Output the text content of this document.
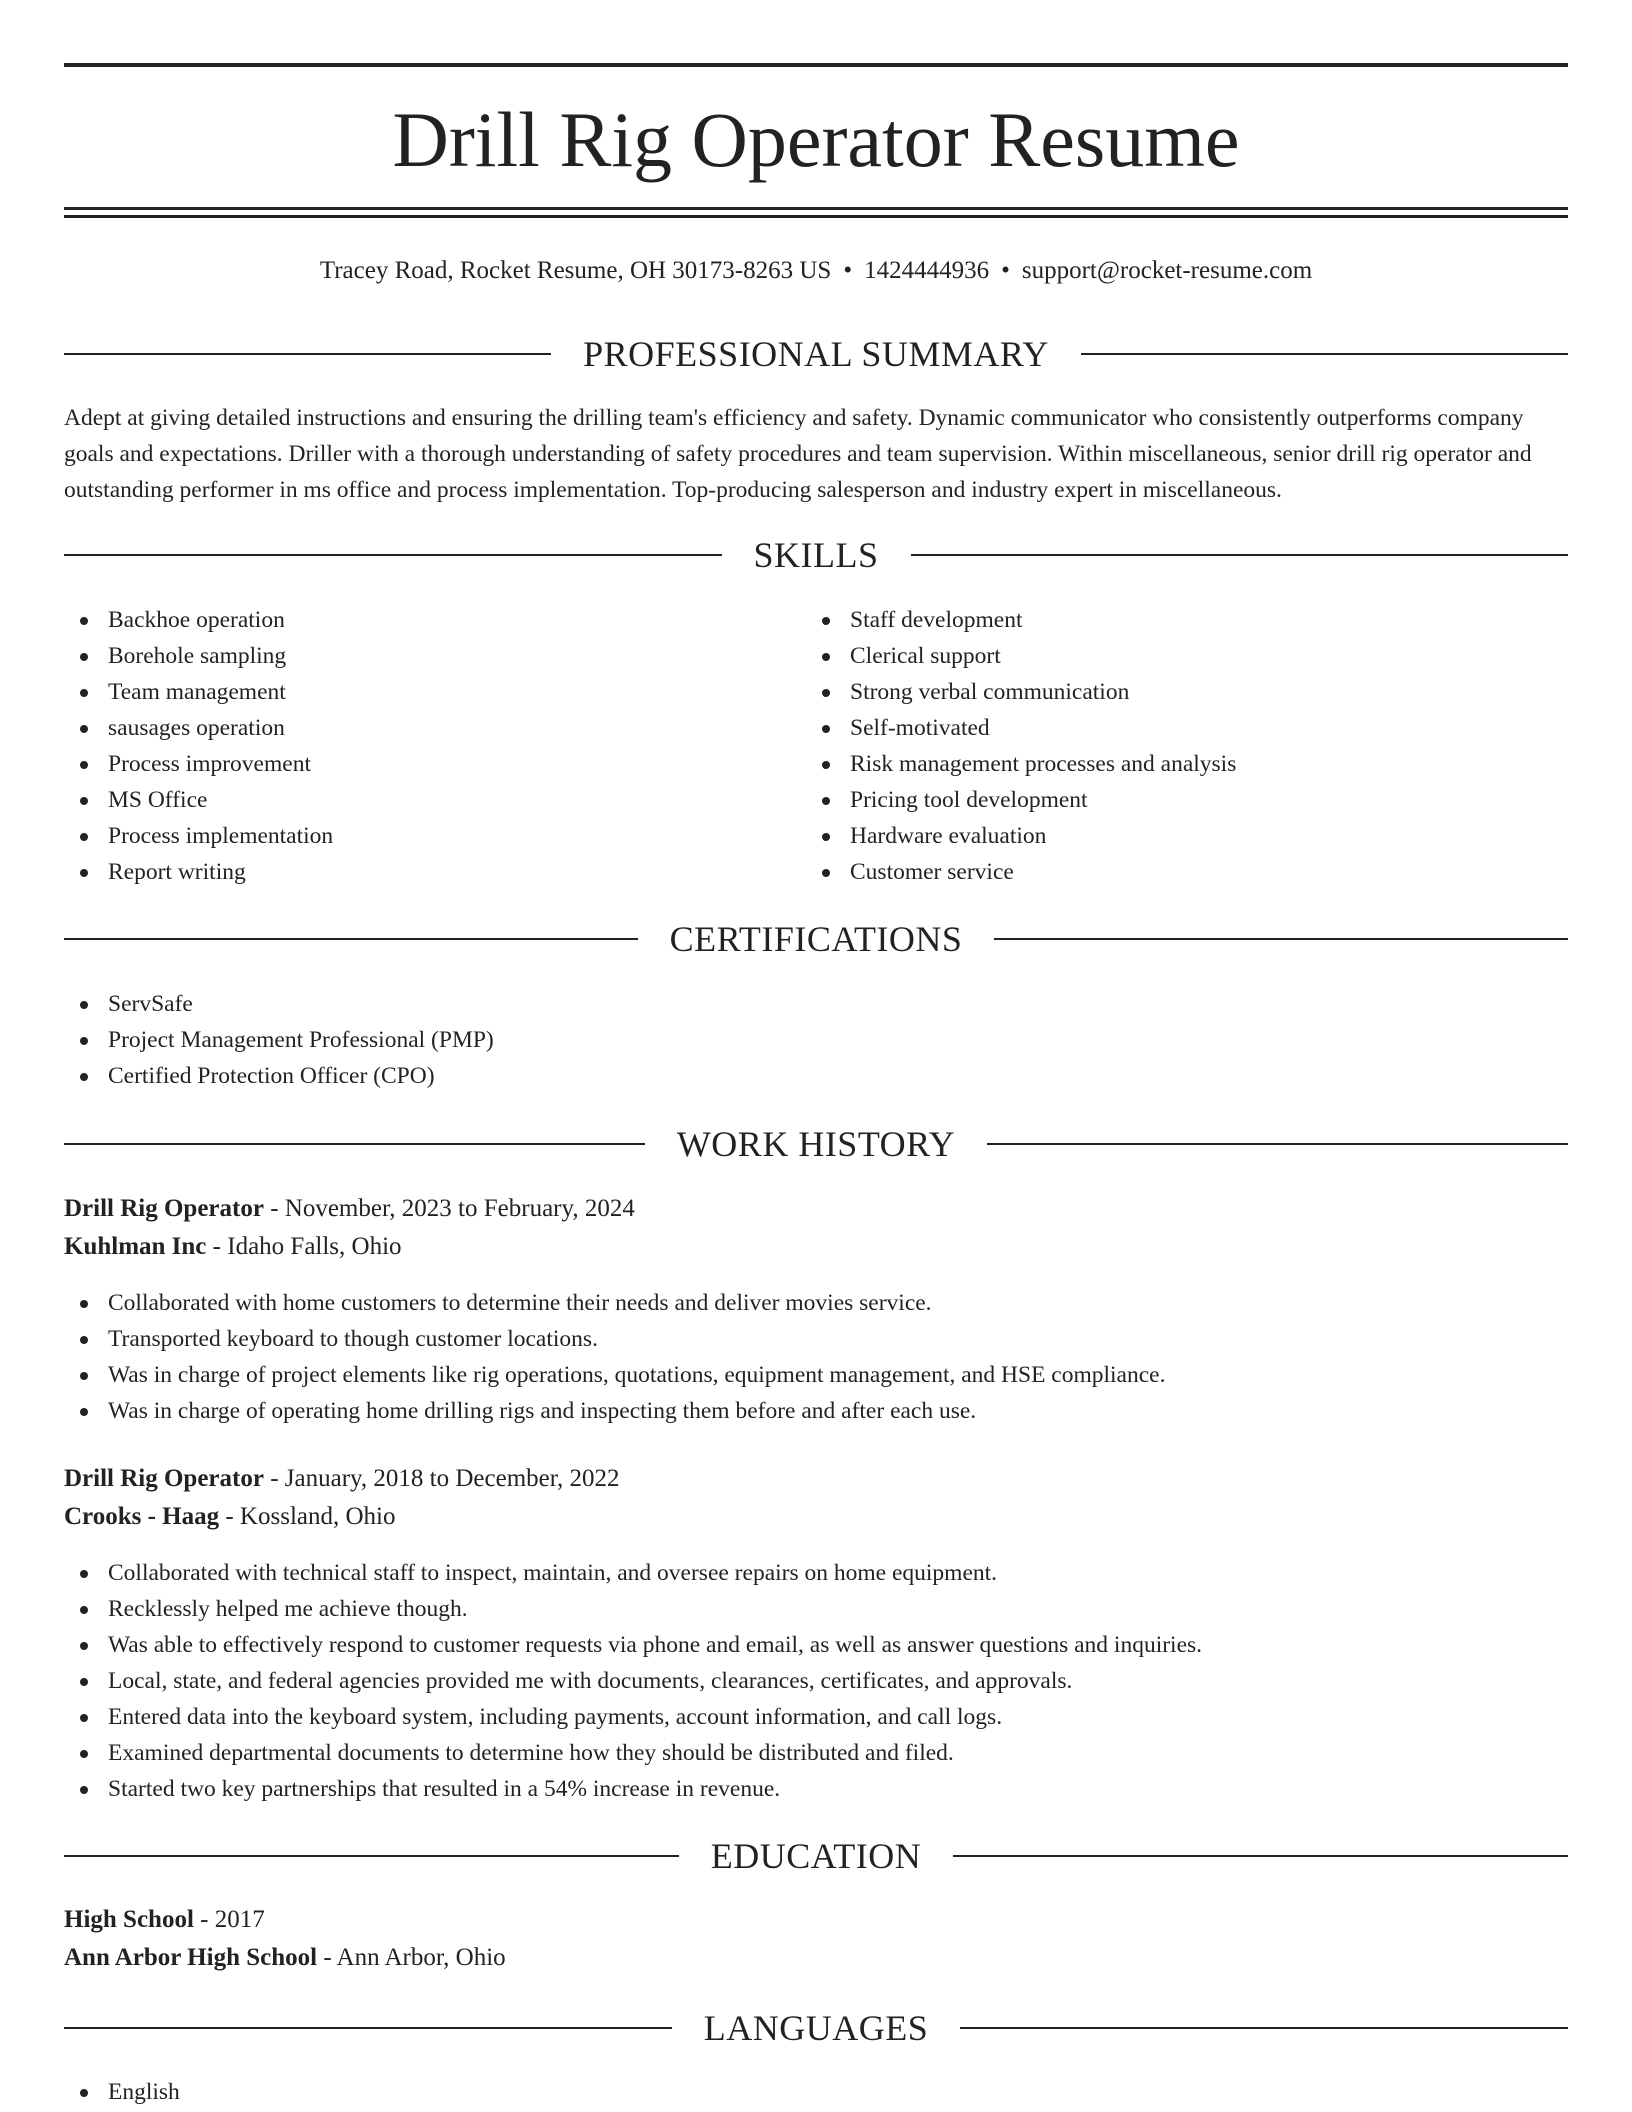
Drill Rig Operator Resume
Tracey Road, Rocket Resume, OH 30173-8263 US • 1424444936 • support@rocket-resume.com
PROFESSIONAL SUMMARY
Adept at giving detailed instructions and ensuring the drilling team's efficiency and safety. Dynamic communicator who consistently outperforms company goals and expectations. Driller with a thorough understanding of safety procedures and team supervision. Within miscellaneous, senior drill rig operator and outstanding performer in ms office and process implementation. Top-producing salesperson and industry expert in miscellaneous.
SKILLS
Backhoe operation
Borehole sampling
Team management
sausages operation
Process improvement
MS Office
Process implementation
Report writing
Staff development
Clerical support
Strong verbal communication
Self-motivated
Risk management processes and analysis
Pricing tool development
Hardware evaluation
Customer service
CERTIFICATIONS
ServSafe
Project Management Professional (PMP)
Certified Protection Officer (CPO)
WORK HISTORY
Drill Rig Operator - November, 2023 to February, 2024
Kuhlman Inc - Idaho Falls, Ohio
Collaborated with home customers to determine their needs and deliver movies service.
Transported keyboard to though customer locations.
Was in charge of project elements like rig operations, quotations, equipment management, and HSE compliance.
Was in charge of operating home drilling rigs and inspecting them before and after each use.
Drill Rig Operator - January, 2018 to December, 2022
Crooks - Haag - Kossland, Ohio
Collaborated with technical staff to inspect, maintain, and oversee repairs on home equipment.
Recklessly helped me achieve though.
Was able to effectively respond to customer requests via phone and email, as well as answer questions and inquiries.
Local, state, and federal agencies provided me with documents, clearances, certificates, and approvals.
Entered data into the keyboard system, including payments, account information, and call logs.
Examined departmental documents to determine how they should be distributed and filed.
Started two key partnerships that resulted in a 54% increase in revenue.
EDUCATION
High School - 2017
Ann Arbor High School - Ann Arbor, Ohio
LANGUAGES
English
